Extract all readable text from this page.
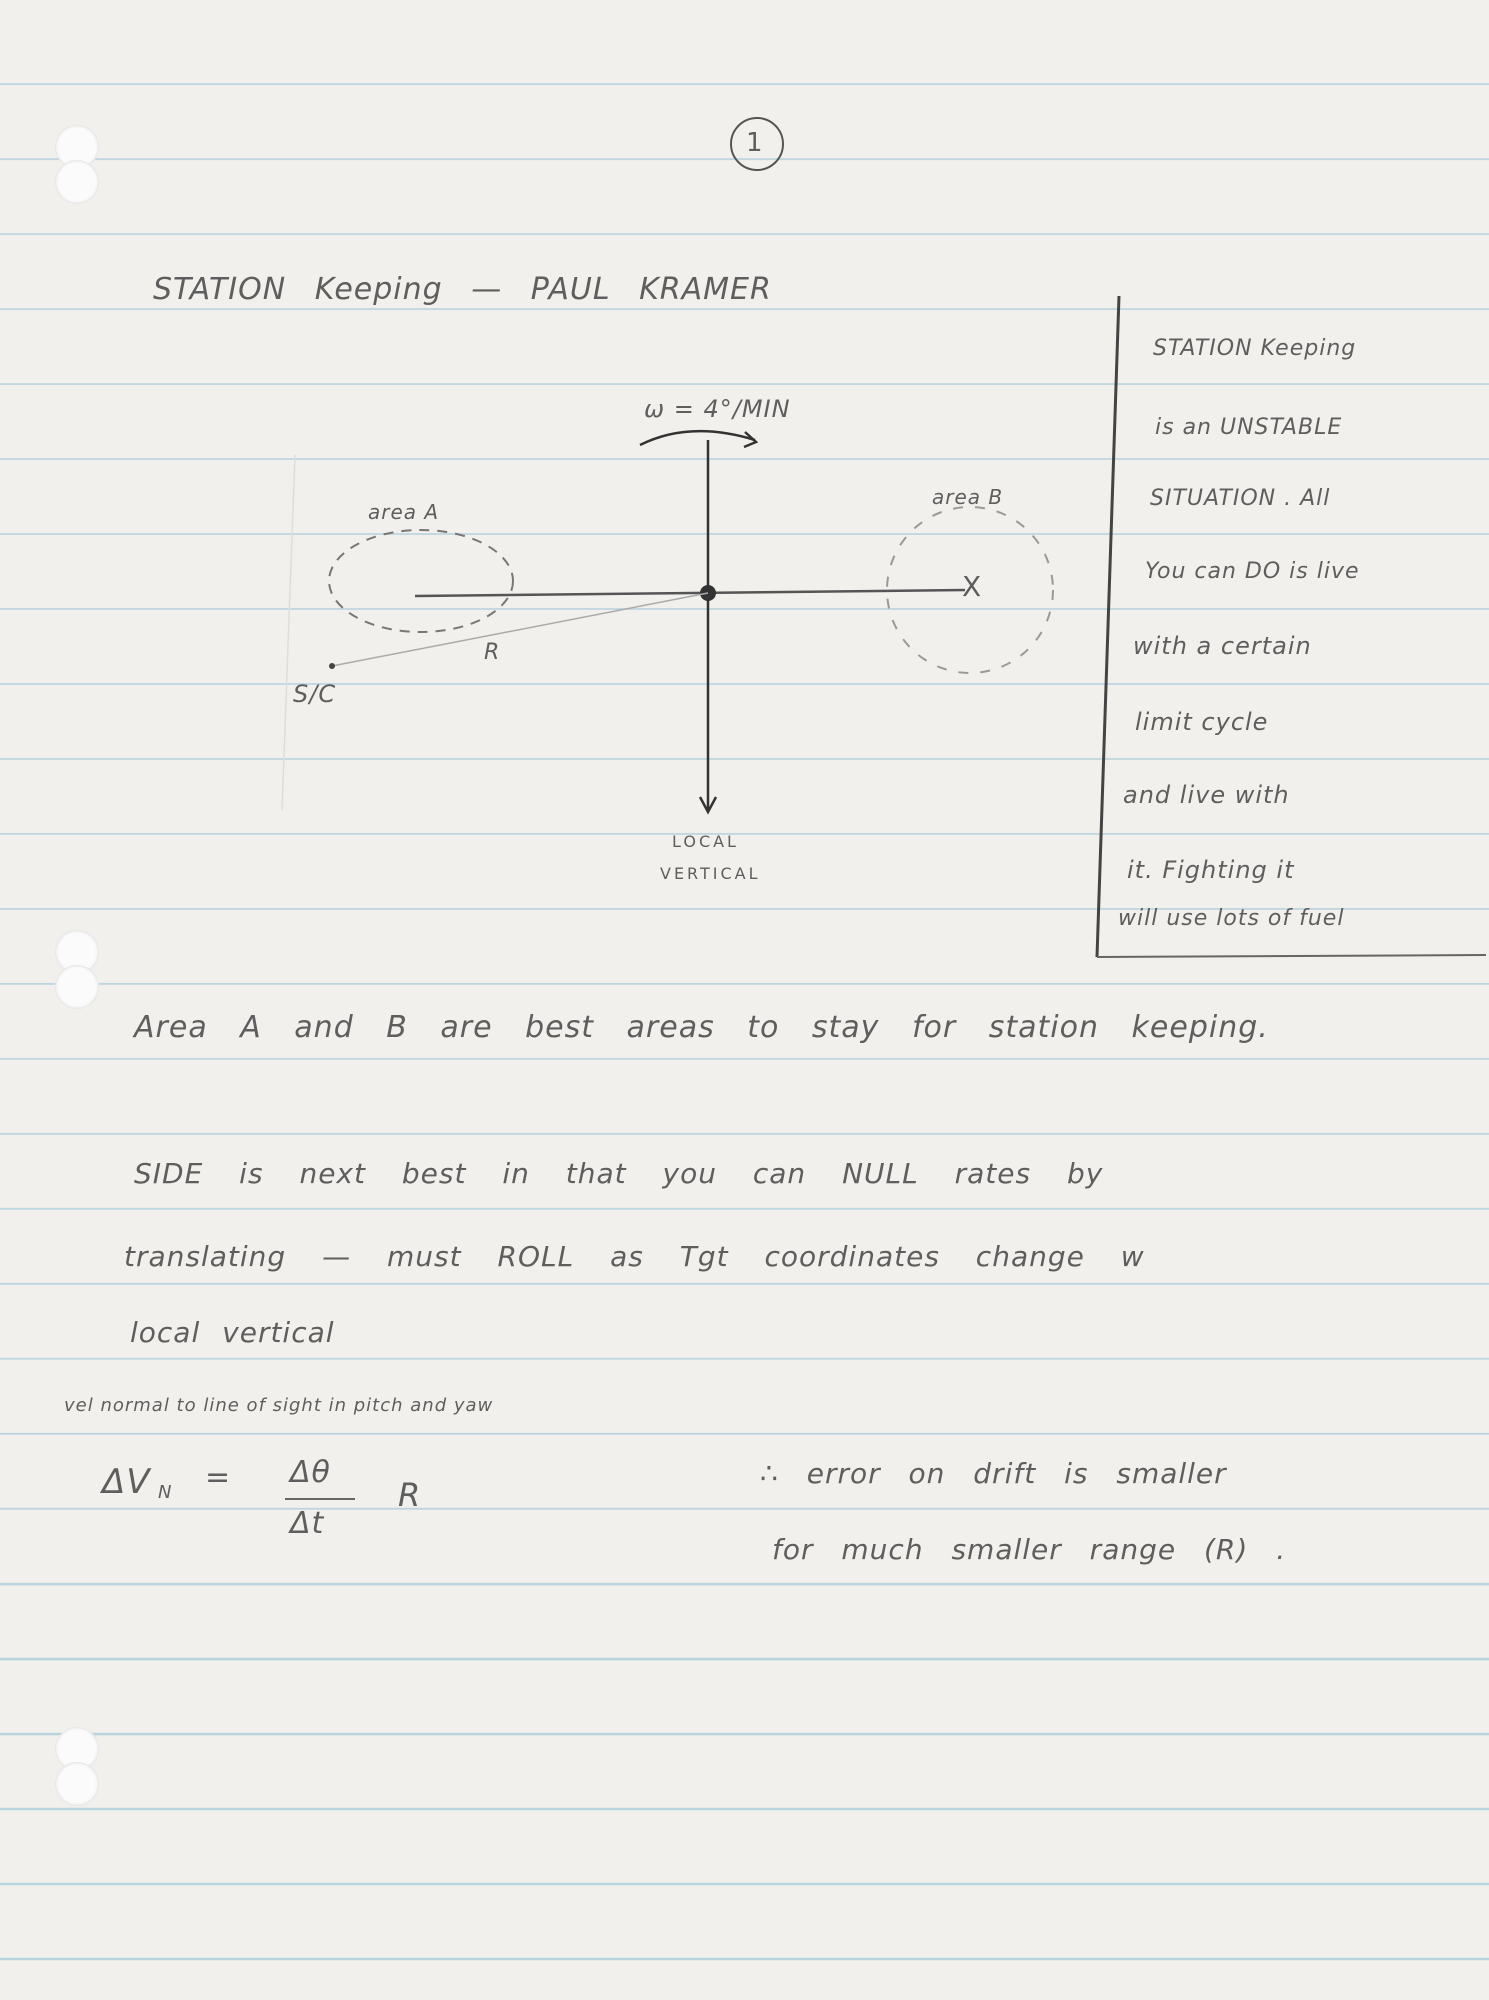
1
STATION Keeping — PAUL KRAMER
ω = 4°/MIN
area A
area B
X
R
S/C
LOCAL
VERTICAL
STATION Keeping
is an UNSTABLE
SITUATION . All
You can DO is live
with a certain
limit cycle
and live with
it. Fighting it
will use lots of fuel
Area A and B are best areas to stay for station keeping.
SIDE is next best in that you can NULL rates by
translating — must ROLL as Tgt coordinates change w
local vertical
vel normal to line of sight in pitch and yaw
ΔV N = Δθ
Δt
R
∴ error on drift is smaller
for much smaller range (R) .
